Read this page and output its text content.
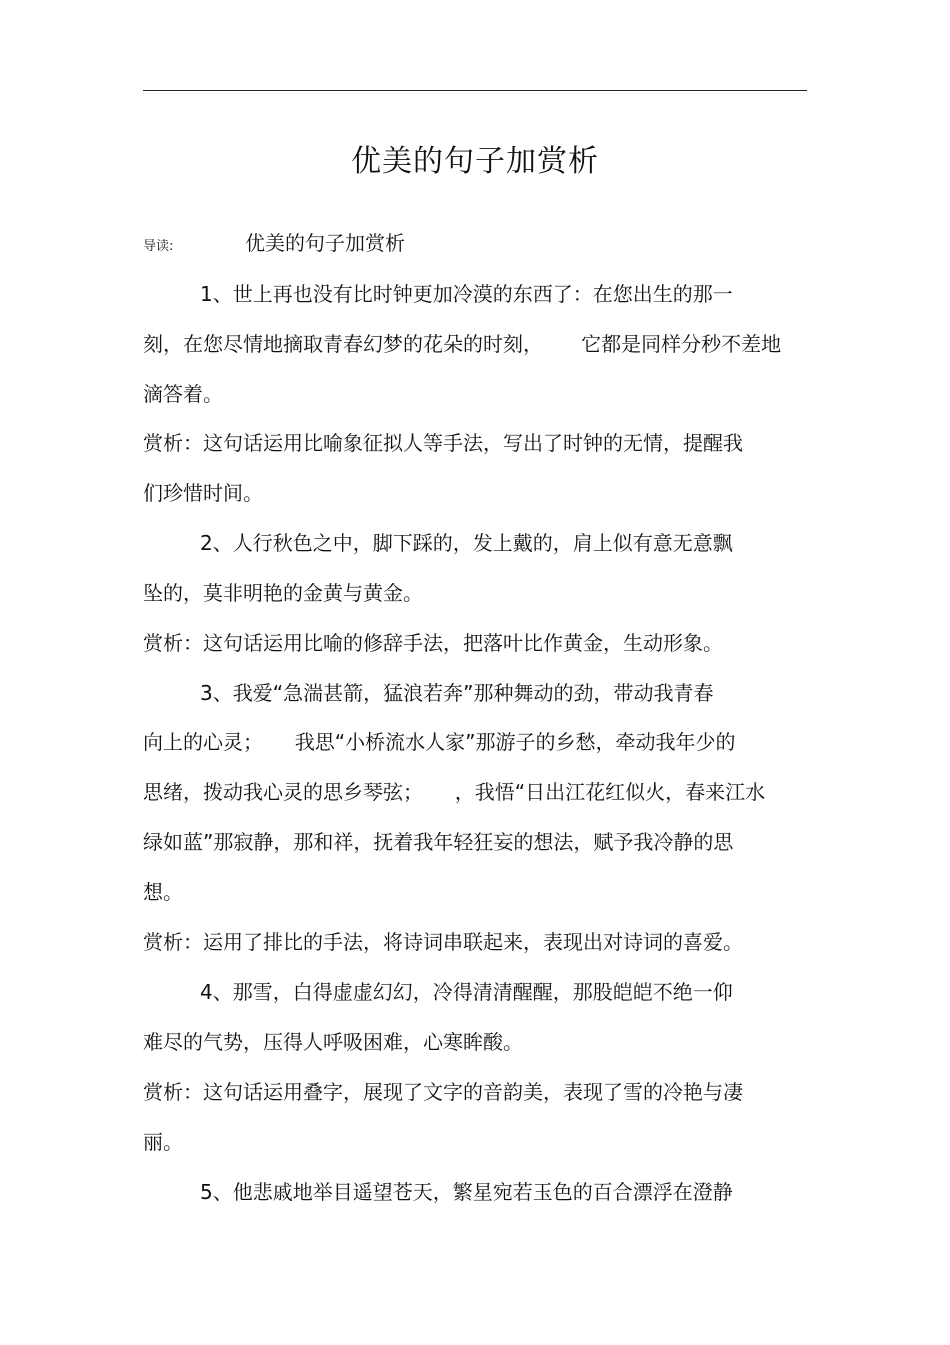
优美的句子加赏析
导读:	优美的句子加赏析
1、世上再也没有比时钟更加冷漠的东西了：在您出生的那一
刻，在您尽情地摘取青春幻梦的花朵的时刻，      它都是同样分秒不差地
滴答着。
赏析：这句话运用比喻象征拟人等手法，写出了时钟的无情，提醒我
们珍惜时间。
2、人行秋色之中，脚下踩的，发上戴的，肩上似有意无意飘
坠的，莫非明艳的金黄与黄金。
赏析：这句话运用比喻的修辞手法，把落叶比作黄金，生动形象。
3、我爱“急湍甚箭，猛浪若奔”那种舞动的劲，带动我青春
向上的心灵；     我思“小桥流水人家”那游子的乡愁，牵动我年少的
思绪，拨动我心灵的思乡琴弦；     ，我悟“日出江花红似火，春来江水
绿如蓝”那寂静，那和祥，抚着我年轻狂妄的想法，赋予我冷静的思
想。
赏析：运用了排比的手法，将诗词串联起来，表现出对诗词的喜爱。
4、那雪，白得虚虚幻幻，冷得清清醒醒，那股皑皑不绝一仰
难尽的气势，压得人呼吸困难，心寒眸酸。
赏析：这句话运用叠字，展现了文字的音韵美，表现了雪的冷艳与凄
丽。
5、他悲戚地举目遥望苍天，繁星宛若玉色的百合漂浮在澄静
